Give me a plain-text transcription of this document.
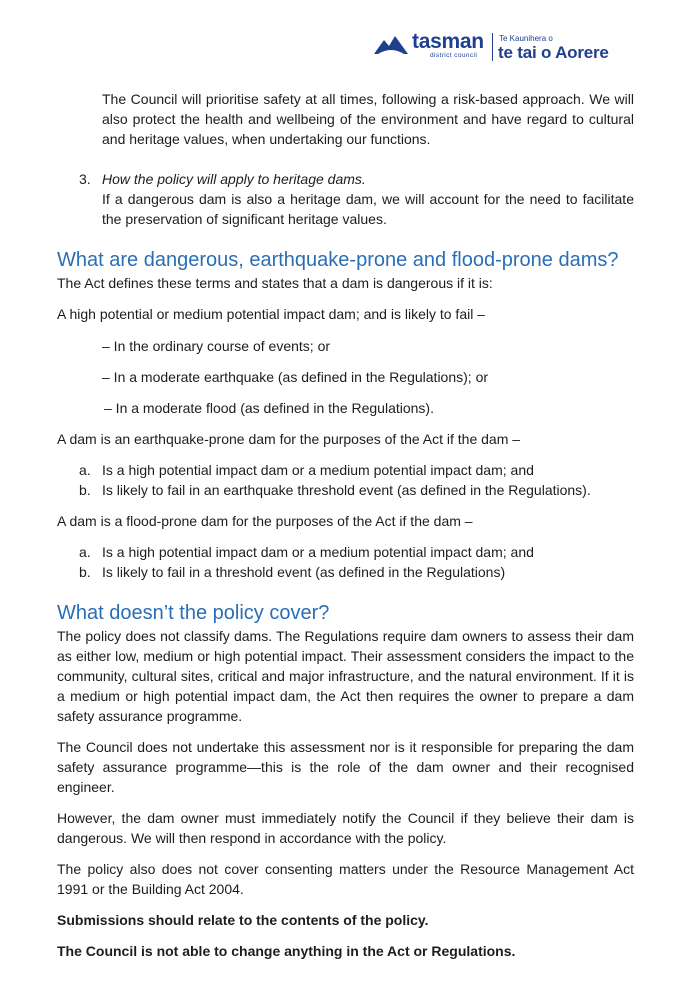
tasman
district council
Te Kaunihera o
te tai o Aorere

The Council will prioritise safety at all times, following a risk-based approach. We will also protect the health and wellbeing of the environment and have regard to cultural and heritage values, when undertaking our functions.

3. How the policy will apply to heritage dams.

If a dangerous dam is also a heritage dam, we will account for the need to facilitate the preservation of significant heritage values.

What are dangerous, earthquake-prone and flood-prone dams?

The Act defines these terms and states that a dam is dangerous if it is:

A high potential or medium potential impact dam; and is likely to fail –

– In the ordinary course of events; or

– In a moderate earthquake (as defined in the Regulations); or

– In a moderate flood (as defined in the Regulations).

A dam is an earthquake-prone dam for the purposes of the Act if the dam –

a. Is a high potential impact dam or a medium potential impact dam; and
b. Is likely to fail in an earthquake threshold event (as defined in the Regulations).

A dam is a flood-prone dam for the purposes of the Act if the dam –

a. Is a high potential impact dam or a medium potential impact dam; and
b. Is likely to fail in a threshold event (as defined in the Regulations)
What doesn’t the policy cover?

The policy does not classify dams. The Regulations require dam owners to assess their dam as either low, medium or high potential impact. Their assessment considers the impact to the community, cultural sites, critical and major infrastructure, and the natural environment. If it is a medium or high potential impact dam, the Act then requires the owner to prepare a dam safety assurance programme.

The Council does not undertake this assessment nor is it responsible for preparing the dam safety assurance programme—this is the role of the dam owner and their recognised engineer.

However, the dam owner must immediately notify the Council if they believe their dam is dangerous. We will then respond in accordance with the policy.

The policy also does not cover consenting matters under the Resource Management Act 1991 or the Building Act 2004.

Submissions should relate to the contents of the policy.

The Council is not able to change anything in the Act or Regulations.
